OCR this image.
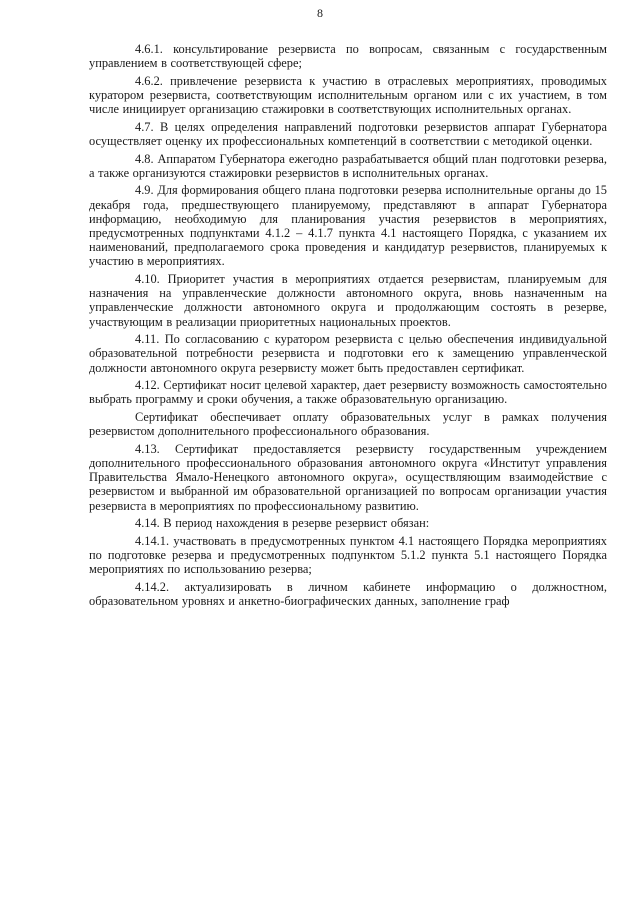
8

4.6.1. консультирование резервиста по вопросам, связанным с государственным управлением в соответствующей сфере;

4.6.2. привлечение резервиста к участию в отраслевых мероприятиях, проводимых куратором резервиста, соответствующим исполнительным органом или с их участием, в том числе инициирует организацию стажировки в соответствующих исполнительных органах.

4.7. В целях определения направлений подготовки резервистов аппарат Губернатора осуществляет оценку их профессиональных компетенций в соответствии с методикой оценки.

4.8. Аппаратом Губернатора ежегодно разрабатывается общий план подготовки резерва, а также организуются стажировки резервистов в исполнительных органах.

4.9. Для формирования общего плана подготовки резерва исполнительные органы до 15 декабря года, предшествующего планируемому, представляют в аппарат Губернатора информацию, необходимую для планирования участия резервистов в мероприятиях, предусмотренных подпунктами 4.1.2 – 4.1.7 пункта 4.1 настоящего Порядка, с указанием их наименований, предполагаемого срока проведения и кандидатур резервистов, планируемых к участию в мероприятиях.

4.10. Приоритет участия в мероприятиях отдается резервистам, планируемым для назначения на управленческие должности автономного округа, вновь назначенным на управленческие должности автономного округа и продолжающим состоять в резерве, участвующим в реализации приоритетных национальных проектов.

4.11. По согласованию с куратором резервиста с целью обеспечения индивидуальной образовательной потребности резервиста и подготовки его к замещению управленческой должности автономного округа резервисту может быть предоставлен сертификат.

4.12. Сертификат носит целевой характер, дает резервисту возможность самостоятельно выбрать программу и сроки обучения, а также образовательную организацию.

Сертификат обеспечивает оплату образовательных услуг в рамках получения резервистом дополнительного профессионального образования.

4.13. Сертификат предоставляется резервисту государственным учреждением дополнительного профессионального образования автономного округа «Институт управления Правительства Ямало-Ненецкого автономного округа», осуществляющим взаимодействие с резервистом и выбранной им образовательной организацией по вопросам организации участия резервиста в мероприятиях по профессиональному развитию.

4.14. В период нахождения в резерве резервист обязан:

4.14.1. участвовать в предусмотренных пунктом 4.1 настоящего Порядка мероприятиях по подготовке резерва и предусмотренных подпунктом 5.1.2 пункта 5.1 настоящего Порядка мероприятиях по использованию резерва;

4.14.2. актуализировать в личном кабинете информацию о должностном, образовательном уровнях и анкетно-биографических данных, заполнение граф
